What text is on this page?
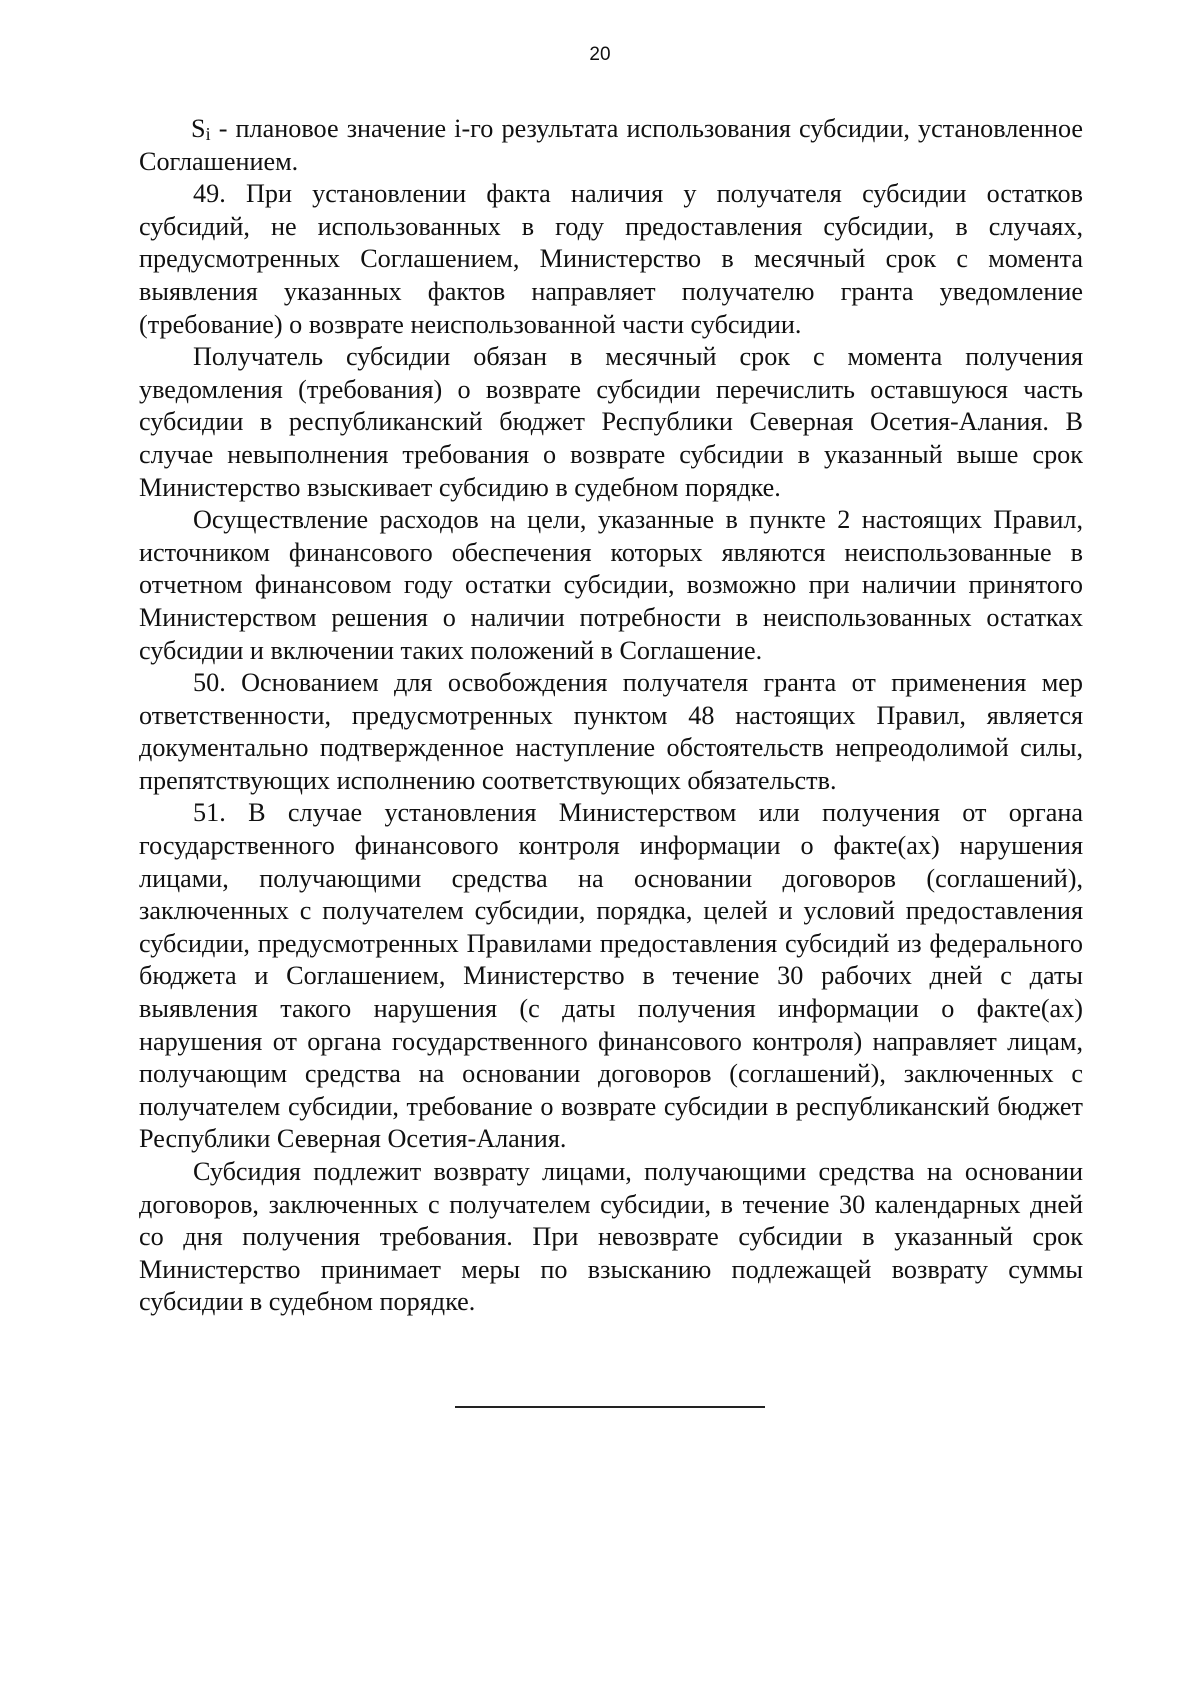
20

$S_i$ - плановое значение i-го результата использования субсидии, установленное Соглашением.

49. При установлении факта наличия у получателя субсидии остатков субсидий, не использованных в году предоставления субсидии, в случаях, предусмотренных Соглашением, Министерство в месячный срок с момента выявления указанных фактов направляет получателю гранта уведомление (требование) о возврате неиспользованной части субсидии.

Получатель субсидии обязан в месячный срок с момента получения уведомления (требования) о возврате субсидии перечислить оставшуюся часть субсидии в республиканский бюджет Республики Северная Осетия-Алания. В случае невыполнения требования о возврате субсидии в указанный выше срок Министерство взыскивает субсидию в судебном порядке.

Осуществление расходов на цели, указанные в пункте 2 настоящих Правил, источником финансового обеспечения которых являются неиспользованные в отчетном финансовом году остатки субсидии, возможно при наличии принятого Министерством решения о наличии потребности в неиспользованных остатках субсидии и включении таких положений в Соглашение.

50. Основанием для освобождения получателя гранта от применения мер ответственности, предусмотренных пунктом 48 настоящих Правил, является документально подтвержденное наступление обстоятельств непреодолимой силы, препятствующих исполнению соответствующих обязательств.

51. В случае установления Министерством или получения от органа государственного финансового контроля информации о факте(ах) нарушения лицами, получающими средства на основании договоров (соглашений), заключенных с получателем субсидии, порядка, целей и условий предоставления субсидии, предусмотренных Правилами предоставления субсидий из федерального бюджета и Соглашением, Министерство в течение 30 рабочих дней с даты выявления такого нарушения (с даты получения информации о факте(ах) нарушения от органа государственного финансового контроля) направляет лицам, получающим средства на основании договоров (соглашений), заключенных с получателем субсидии, требование о возврате субсидии в республиканский бюджет Республики Северная Осетия-Алания.

Субсидия подлежит возврату лицами, получающими средства на основании договоров, заключенных с получателем субсидии, в течение 30 календарных дней со дня получения требования. При невозврате субсидии в указанный срок Министерство принимает меры по взысканию подлежащей возврату суммы субсидии в судебном порядке.
